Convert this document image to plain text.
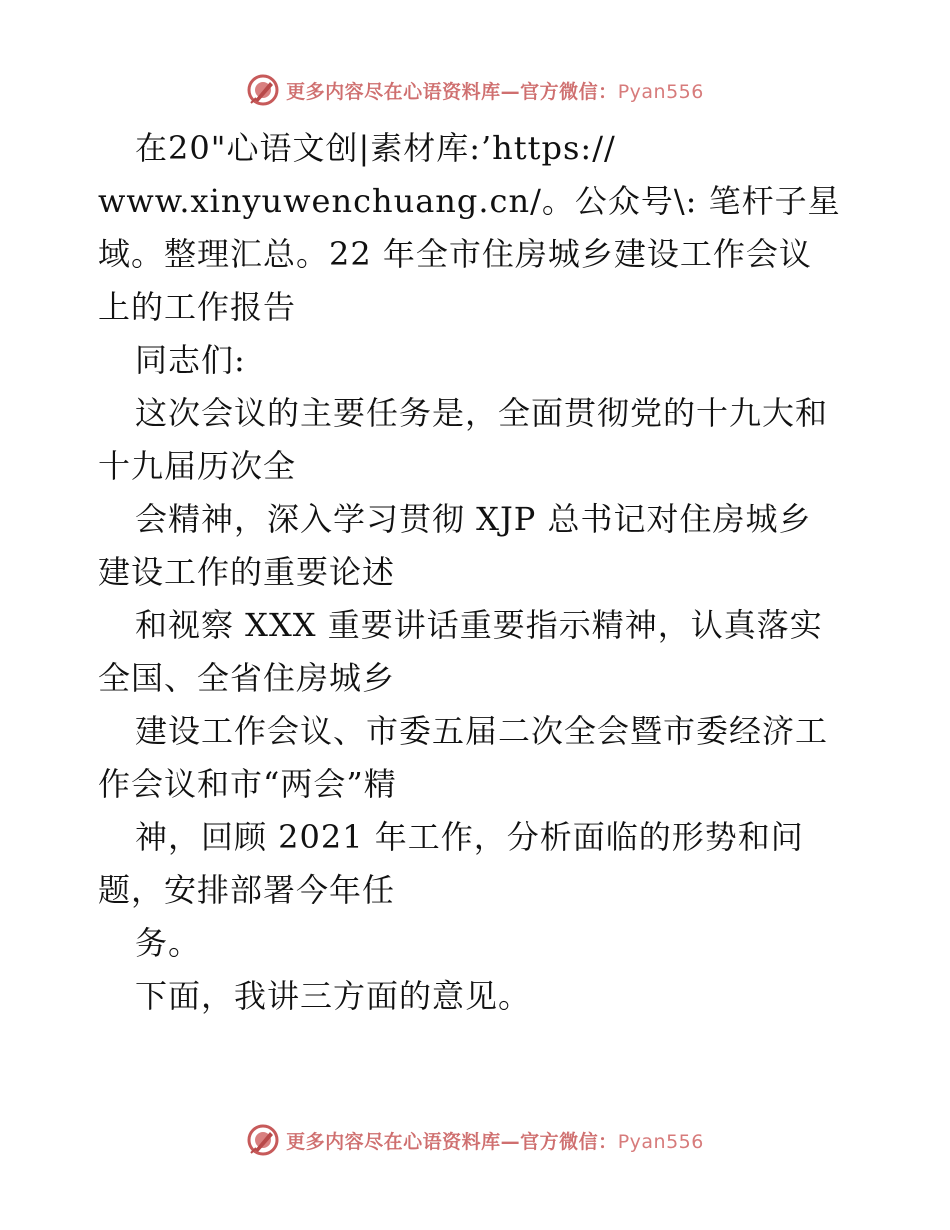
更多内容尽在心语资料库—官方微信：Pyan556
在20"心语文创|素材库:’https://
www.xinyuwenchuang.cn/。公众号\: 笔杆子星
域。整理汇总。22 年全市住房城乡建设工作会议
上的工作报告
同志们:
这次会议的主要任务是，全面贯彻党的十九大和
十九届历次全
会精神，深入学习贯彻 XJP 总书记对住房城乡
建设工作的重要论述
和视察 XXX 重要讲话重要指示精神，认真落实
全国、全省住房城乡
建设工作会议、市委五届二次全会暨市委经济工
作会议和市“两会”精
神，回顾 2021 年工作，分析面临的形势和问
题，安排部署今年任
务。
下面，我讲三方面的意见。
更多内容尽在心语资料库—官方微信：Pyan556
